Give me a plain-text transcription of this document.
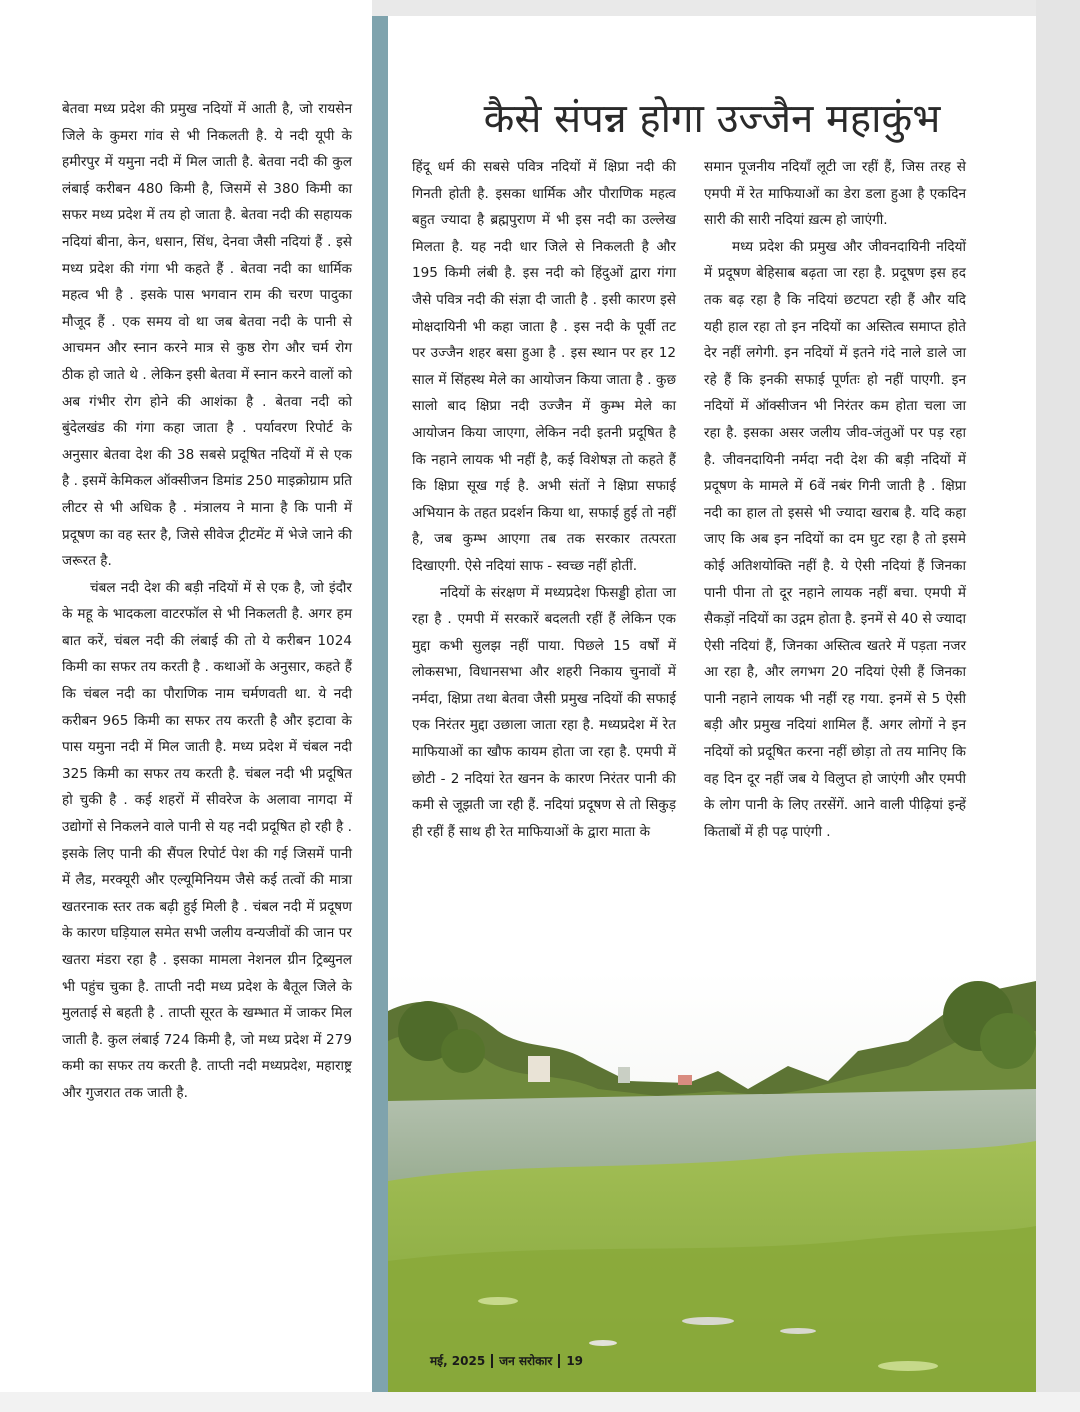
बेतवा मध्य प्रदेश की प्रमुख नदियों में आती है, जो रायसेन जिले के कुमरा गांव से भी निकलती है. ये नदी यूपी के हमीरपुर में यमुना नदी में मिल जाती है. बेतवा नदी की कुल लंबाई करीबन 480 किमी है, जिसमें से 380 किमी का सफर मध्य प्रदेश में तय हो जाता है. बेतवा नदी की सहायक नदियां बीना, केन, धसान, सिंध, देनवा जैसी नदियां हैं . इसे मध्य प्रदेश की गंगा भी कहते हैं . बेतवा नदी का धार्मिक महत्व भी है . इसके पास भगवान राम की चरण पादुका मौजूद हैं . एक समय वो था जब बेतवा नदी के पानी से आचमन और स्नान करने मात्र से कुष्ठ रोग और चर्म रोग ठीक हो जाते थे . लेकिन इसी बेतवा में स्नान करने वालों को अब गंभीर रोग होने की आशंका है . बेतवा नदी को बुंदेलखंड की गंगा कहा जाता है . पर्यावरण रिपोर्ट के अनुसार बेतवा देश की 38 सबसे प्रदूषित नदियों में से एक है . इसमें केमिकल ऑक्सीजन डिमांड 250 माइक्रोग्राम प्रति लीटर से भी अधिक है . मंत्रालय ने माना है कि पानी में प्रदूषण का वह स्तर है, जिसे सीवेज ट्रीटमेंट में भेजे जाने की जरूरत है.

चंबल नदी देश की बड़ी नदियों में से एक है, जो इंदौर के महू के भादकला वाटरफॉल से भी निकलती है. अगर हम बात करें, चंबल नदी की लंबाई की तो ये करीबन 1024 किमी का सफर तय करती है . कथाओं के अनुसार, कहते हैं कि चंबल नदी का पौराणिक नाम चर्मणवती था. ये नदी करीबन 965 किमी का सफर तय करती है और इटावा के पास यमुना नदी में मिल जाती है. मध्य प्रदेश में चंबल नदी 325 किमी का सफर तय करती है. चंबल नदी भी प्रदूषित हो चुकी है . कई शहरों में सीवरेज के अलावा नागदा में उद्योगों से निकलने वाले पानी से यह नदी प्रदूषित हो रही है . इसके लिए पानी की सैंपल रिपोर्ट पेश की गई जिसमें पानी में लैड, मरक्यूरी और एल्यूमिनियम जैसे कई तत्वों की मात्रा खतरनाक स्तर तक बढ़ी हुई मिली है . चंबल नदी में प्रदूषण के कारण घड़ियाल समेत सभी जलीय वन्यजीवों की जान पर खतरा मंडरा रहा है . इसका मामला नेशनल ग्रीन ट्रिब्युनल भी पहुंच चुका है. ताप्ती नदी मध्य प्रदेश के बैतूल जिले के मुलताई से बहती है . ताप्ती सूरत के खम्भात में जाकर मिल जाती है. कुल लंबाई 724 किमी है, जो मध्य प्रदेश में 279 कमी का सफर तय करती है. ताप्ती नदी मध्यप्रदेश, महाराष्ट्र और गुजरात तक जाती है.

कैसे संपन्न होगा उज्जैन महाकुंभ

हिंदू धर्म की सबसे पवित्र नदियों में क्षिप्रा नदी की गिनती होती है. इसका धार्मिक और पौराणिक महत्व बहुत ज्यादा है ब्रह्मपुराण में भी इस नदी का उल्लेख मिलता है. यह नदी धार जिले से निकलती है और 195 किमी लंबी है. इस नदी को हिंदुओं द्वारा गंगा जैसे पवित्र नदी की संज्ञा दी जाती है . इसी कारण इसे मोक्षदायिनी भी कहा जाता है . इस नदी के पूर्वी तट पर उज्जैन शहर बसा हुआ है . इस स्थान पर हर 12 साल में सिंहस्थ मेले का आयोजन किया जाता है . कुछ सालो बाद क्षिप्रा नदी उज्जैन में कुम्भ मेले का आयोजन किया जाएगा, लेकिन नदी इतनी प्रदूषित है कि नहाने लायक भी नहीं है, कई विशेषज्ञ तो कहते हैं कि क्षिप्रा सूख गई है. अभी संतों ने क्षिप्रा सफाई अभियान के तहत प्रदर्शन किया था, सफाई हुई तो नहीं है, जब कुम्भ आएगा तब तक सरकार तत्परता दिखाएगी. ऐसे नदियां साफ - स्वच्छ नहीं होतीं.

नदियों के संरक्षण में मध्यप्रदेश फिसड्डी होता जा रहा है . एमपी में सरकारें बदलती रहीं हैं लेकिन एक मुद्दा कभी सुलझ नहीं पाया. पिछले 15 वर्षों में लोकसभा, विधानसभा और शहरी निकाय चुनावों में नर्मदा, क्षिप्रा तथा बेतवा जैसी प्रमुख नदियों की सफाई एक निरंतर मुद्दा उछाला जाता रहा है. मध्यप्रदेश में रेत माफियाओं का खौफ कायम होता जा रहा है. एमपी में छोटी - 2 नदियां रेत खनन के कारण निरंतर पानी की कमी से जूझती जा रही हैं. नदियां प्रदूषण से तो सिकुड़ ही रहीं हैं साथ ही रेत माफियाओं के द्वारा माता के

समान पूजनीय नदियाँ लूटी जा रहीं हैं, जिस तरह से एमपी में रेत माफियाओं का डेरा डला हुआ है एकदिन सारी की सारी नदियां ख़त्म हो जाएंगी.

मध्य प्रदेश की प्रमुख और जीवनदायिनी नदियों में प्रदूषण बेहिसाब बढ़ता जा रहा है. प्रदूषण इस हद तक बढ़ रहा है कि नदियां छटपटा रही हैं और यदि यही हाल रहा तो इन नदियों का अस्तित्व समाप्त होते देर नहीं लगेगी. इन नदियों में इतने गंदे नाले डाले जा रहे हैं कि इनकी सफाई पूर्णतः हो नहीं पाएगी. इन नदियों में ऑक्सीजन भी निरंतर कम होता चला जा रहा है. इसका असर जलीय जीव-जंतुओं पर पड़ रहा है. जीवनदायिनी नर्मदा नदी देश की बड़ी नदियों में प्रदूषण के मामले में 6वें नबंर गिनी जाती है . क्षिप्रा नदी का हाल तो इससे भी ज्यादा खराब है. यदि कहा जाए कि अब इन नदियों का दम घुट रहा है तो इसमे कोई अतिशयोक्ति नहीं है. ये ऐसी नदियां हैं जिनका पानी पीना तो दूर नहाने लायक नहीं बचा. एमपी में सैकड़ों नदियों का उद्गम होता है. इनमें से 40 से ज्यादा ऐसी नदियां हैं, जिनका अस्तित्व खतरे में पड़ता नजर आ रहा है, और लगभग 20 नदियां ऐसी हैं जिनका पानी नहाने लायक भी नहीं रह गया. इनमें से 5 ऐसी बड़ी और प्रमुख नदियां शामिल हैं. अगर लोगों ने इन नदियों को प्रदूषित करना नहीं छोड़ा तो तय मानिए कि वह दिन दूर नहीं जब ये विलुप्त हो जाएंगी और एमपी के लोग पानी के लिए तरसेंगें. आने वाली पीढ़ियां इन्हें किताबों में ही पढ़ पाएंगी .

मई, 2025 जन सरोकार 19
